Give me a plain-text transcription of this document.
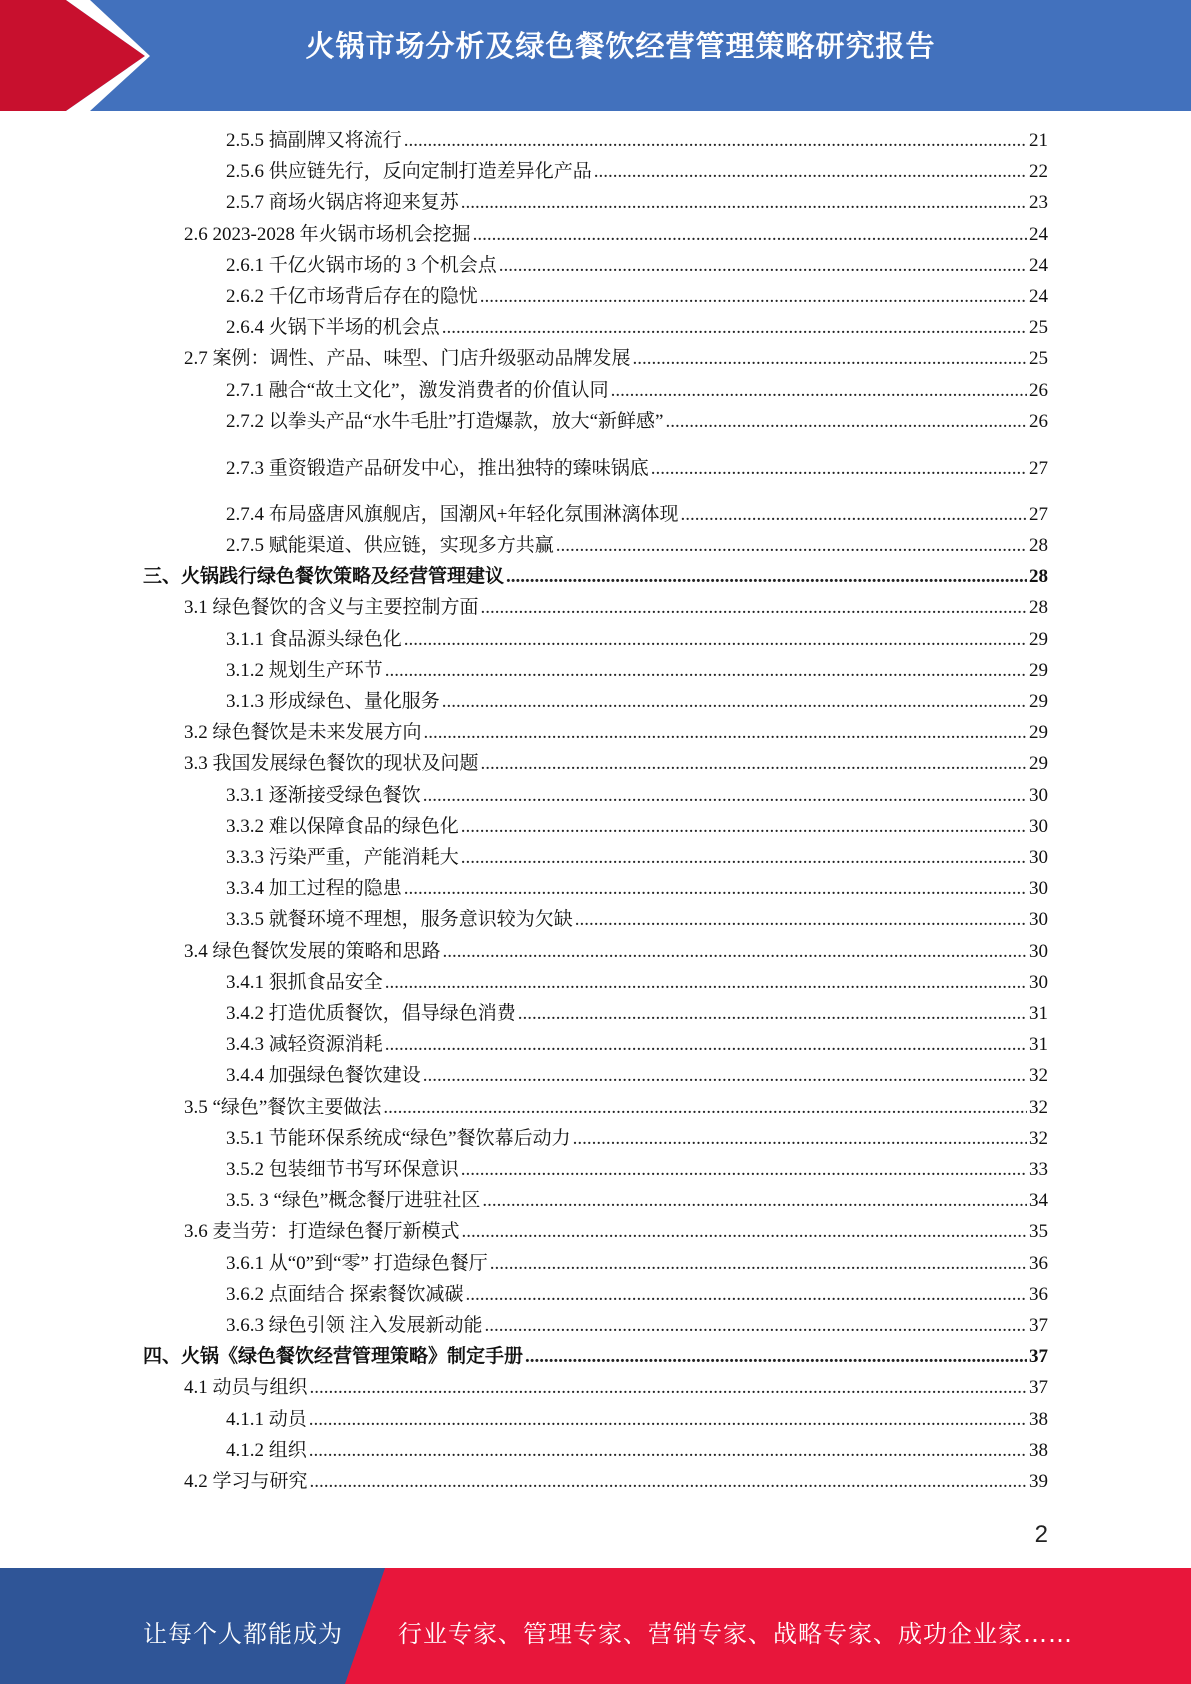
火锅市场分析及绿色餐饮经营管理策略研究报告
2.5.5 搞副牌又将流行 .....	21
2.5.6 供应链先行，反向定制打造差异化产品 .....	22
2.5.7 商场火锅店将迎来复苏 .....	23
2.6 2023-2028 年火锅市场机会挖掘 .....	24
2.6.1 千亿火锅市场的 3 个机会点 .....	24
2.6.2 千亿市场背后存在的隐忧 .....	24
2.6.4 火锅下半场的机会点 .....	25
2.7 案例：调性、产品、味型、门店升级驱动品牌发展 .....	25
2.7.1 融合“故土文化”，激发消费者的价值认同 .....	26
2.7.2 以拳头产品“水牛毛肚”打造爆款，放大“新鲜感” .....	26
2.7.3 重资锻造产品研发中心，推出独特的臻味锅底 .....	27
2.7.4 布局盛唐风旗舰店，国潮风+年轻化氛围淋漓体现 .....	27
2.7.5 赋能渠道、供应链，实现多方共赢 .....	28
三、火锅践行绿色餐饮策略及经营管理建议 .....	28
3.1 绿色餐饮的含义与主要控制方面 .....	28
3.1.1 食品源头绿色化 .....	29
3.1.2 规划生产环节 .....	29
3.1.3 形成绿色、量化服务 .....	29
3.2 绿色餐饮是未来发展方向 .....	29
3.3 我国发展绿色餐饮的现状及问题 .....	29
3.3.1 逐渐接受绿色餐饮 .....	30
3.3.2 难以保障食品的绿色化 .....	30
3.3.3 污染严重，产能消耗大 .....	30
3.3.4 加工过程的隐患 .....	30
3.3.5 就餐环境不理想，服务意识较为欠缺 .....	30
3.4 绿色餐饮发展的策略和思路 .....	30
3.4.1 狠抓食品安全 .....	30
3.4.2 打造优质餐饮，倡导绿色消费 .....	31
3.4.3 减轻资源消耗 .....	31
3.4.4 加强绿色餐饮建设 .....	32
3.5 “绿色”餐饮主要做法 .....	32
3.5.1 节能环保系统成“绿色”餐饮幕后动力 .....	32
3.5.2 包装细节书写环保意识 .....	33
3.5. 3 “绿色”概念餐厅进驻社区 .....	34
3.6 麦当劳：打造绿色餐厅新模式 .....	35
3.6.1 从“0”到“零” 打造绿色餐厅 .....	36
3.6.2 点面结合 探索餐饮减碳 .....	36
3.6.3 绿色引领 注入发展新动能 .....	37
四、火锅《绿色餐饮经营管理策略》制定手册 .....	37
4.1 动员与组织 .....	37
4.1.1 动员 .....	38
4.1.2 组织 .....	38
4.2 学习与研究 .....	39
2
让每个人都能成为 行业专家、管理专家、营销专家、战略专家、成功企业家……
